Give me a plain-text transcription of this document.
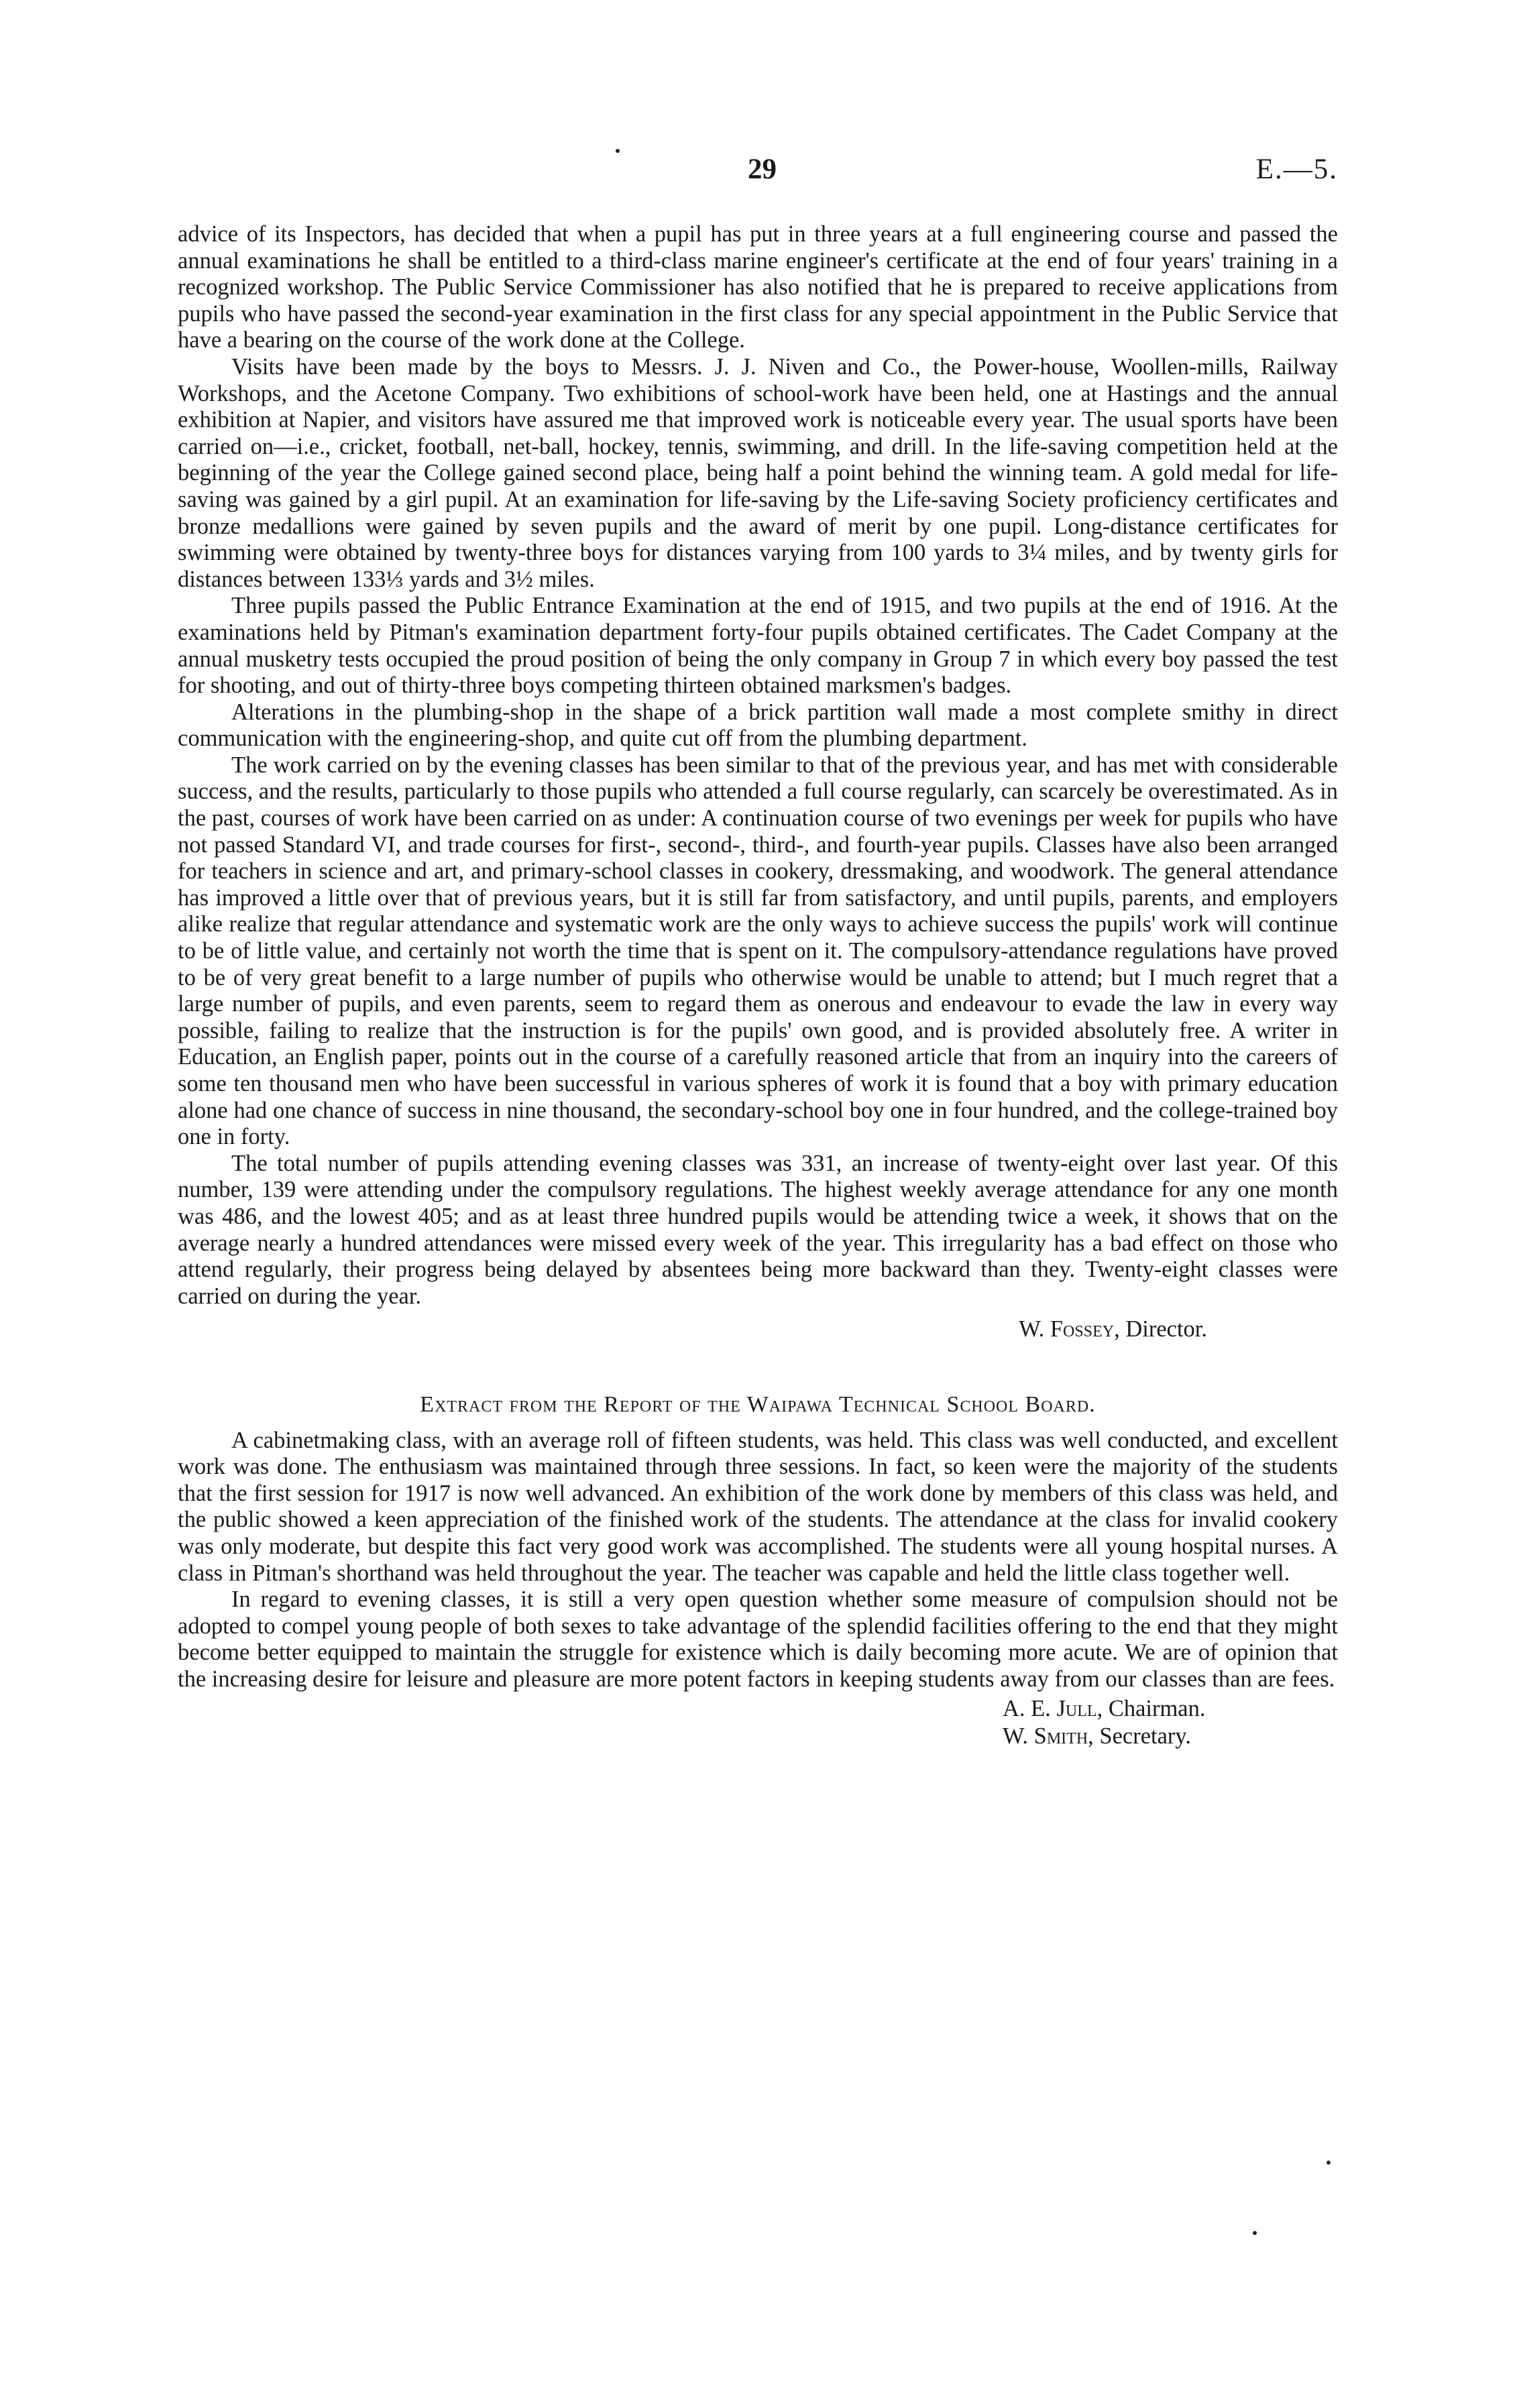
29	E.—5.

advice of its Inspectors, has decided that when a pupil has put in three years at a full engineering course and passed the annual examinations he shall be entitled to a third-class marine engineer's certificate at the end of four years' training in a recognized workshop. The Public Service Commissioner has also notified that he is prepared to receive applications from pupils who have passed the second-year examination in the first class for any special appointment in the Public Service that have a bearing on the course of the work done at the College.

Visits have been made by the boys to Messrs. J. J. Niven and Co., the Power-house, Woollen-mills, Railway Workshops, and the Acetone Company. Two exhibitions of school-work have been held, one at Hastings and the annual exhibition at Napier, and visitors have assured me that improved work is noticeable every year. The usual sports have been carried on—i.e., cricket, football, net-ball, hockey, tennis, swimming, and drill. In the life-saving competition held at the beginning of the year the College gained second place, being half a point behind the winning team. A gold medal for life-saving was gained by a girl pupil. At an examination for life-saving by the Life-saving Society proficiency certificates and bronze medallions were gained by seven pupils and the award of merit by one pupil. Long-distance certificates for swimming were obtained by twenty-three boys for distances varying from 100 yards to 3¼ miles, and by twenty girls for distances between 133⅓ yards and 3½ miles.

Three pupils passed the Public Entrance Examination at the end of 1915, and two pupils at the end of 1916. At the examinations held by Pitman's examination department forty-four pupils obtained certificates. The Cadet Company at the annual musketry tests occupied the proud position of being the only company in Group 7 in which every boy passed the test for shooting, and out of thirty-three boys competing thirteen obtained marksmen's badges.

Alterations in the plumbing-shop in the shape of a brick partition wall made a most complete smithy in direct communication with the engineering-shop, and quite cut off from the plumbing department.

The work carried on by the evening classes has been similar to that of the previous year, and has met with considerable success, and the results, particularly to those pupils who attended a full course regularly, can scarcely be overestimated. As in the past, courses of work have been carried on as under: A continuation course of two evenings per week for pupils who have not passed Standard VI, and trade courses for first-, second-, third-, and fourth-year pupils. Classes have also been arranged for teachers in science and art, and primary-school classes in cookery, dressmaking, and woodwork. The general attendance has improved a little over that of previous years, but it is still far from satisfactory, and until pupils, parents, and employers alike realize that regular attendance and systematic work are the only ways to achieve success the pupils' work will continue to be of little value, and certainly not worth the time that is spent on it. The compulsory-attendance regulations have proved to be of very great benefit to a large number of pupils who otherwise would be unable to attend; but I much regret that a large number of pupils, and even parents, seem to regard them as onerous and endeavour to evade the law in every way possible, failing to realize that the instruction is for the pupils' own good, and is provided absolutely free. A writer in Education, an English paper, points out in the course of a carefully reasoned article that from an inquiry into the careers of some ten thousand men who have been successful in various spheres of work it is found that a boy with primary education alone had one chance of success in nine thousand, the secondary-school boy one in four hundred, and the college-trained boy one in forty.

The total number of pupils attending evening classes was 331, an increase of twenty-eight over last year. Of this number, 139 were attending under the compulsory regulations. The highest weekly average attendance for any one month was 486, and the lowest 405; and as at least three hundred pupils would be attending twice a week, it shows that on the average nearly a hundred attendances were missed every week of the year. This irregularity has a bad effect on those who attend regularly, their progress being delayed by absentees being more backward than they. Twenty-eight classes were carried on during the year.

W. Fossey, Director.
Extract from the Report of the Waipawa Technical School Board.

A cabinetmaking class, with an average roll of fifteen students, was held. This class was well conducted, and excellent work was done. The enthusiasm was maintained through three sessions. In fact, so keen were the majority of the students that the first session for 1917 is now well advanced. An exhibition of the work done by members of this class was held, and the public showed a keen appreciation of the finished work of the students. The attendance at the class for invalid cookery was only moderate, but despite this fact very good work was accomplished. The students were all young hospital nurses. A class in Pitman's shorthand was held throughout the year. The teacher was capable and held the little class together well.

In regard to evening classes, it is still a very open question whether some measure of compulsion should not be adopted to compel young people of both sexes to take advantage of the splendid facilities offering to the end that they might become better equipped to maintain the struggle for existence which is daily becoming more acute. We are of opinion that the increasing desire for leisure and pleasure are more potent factors in keeping students away from our classes than are fees.

A. E. Jull, Chairman.
W. Smith, Secretary.
